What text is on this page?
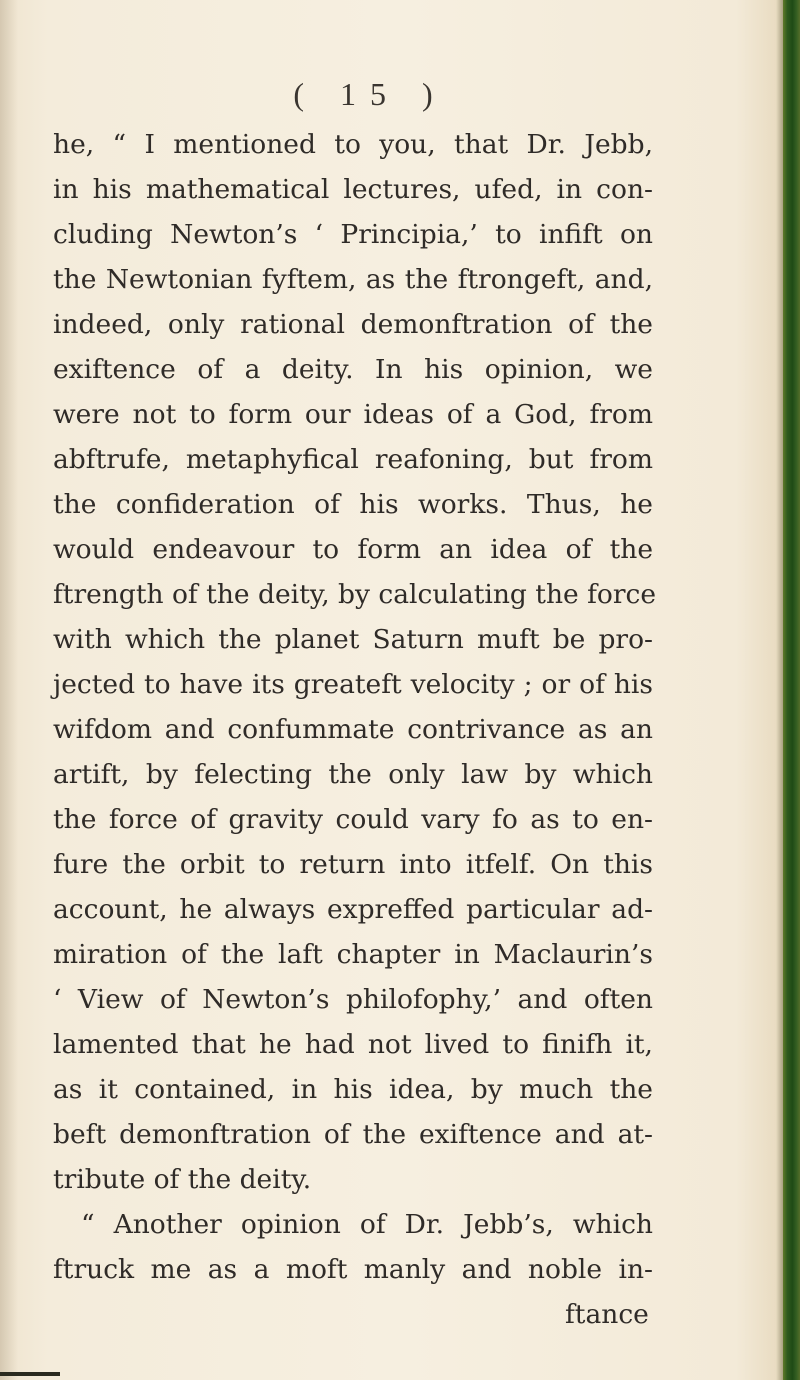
( 15 )
he, “ I mentioned to you, that Dr. Jebb,
in his mathematical lectures, ufed, in con-
cluding Newton’s ‘ Principia,’ to infift on
the Newtonian fyftem, as the ftrongeft, and,
indeed, only rational demonftration of the
exiftence of a deity. In his opinion, we
were not to form our ideas of a God, from
abftrufe, metaphyfical reafoning, but from
the confideration of his works. Thus, he
would endeavour to form an idea of the
ftrength of the deity, by calculating the force
with which the planet Saturn muft be pro-
jected to have its greateft velocity ; or of his
wifdom and confummate contrivance as an
artift, by felecting the only law by which
the force of gravity could vary fo as to en-
fure the orbit to return into itfelf. On this
account, he always expreffed particular ad-
miration of the laft chapter in Maclaurin’s
‘ View of Newton’s philofophy,’ and often
lamented that he had not lived to finifh it,
as it contained, in his idea, by much the
beft demonftration of the exiftence and at-
tribute of the deity.
“ Another opinion of Dr. Jebb’s, which
ftruck me as a moft manly and noble in-
ftance
